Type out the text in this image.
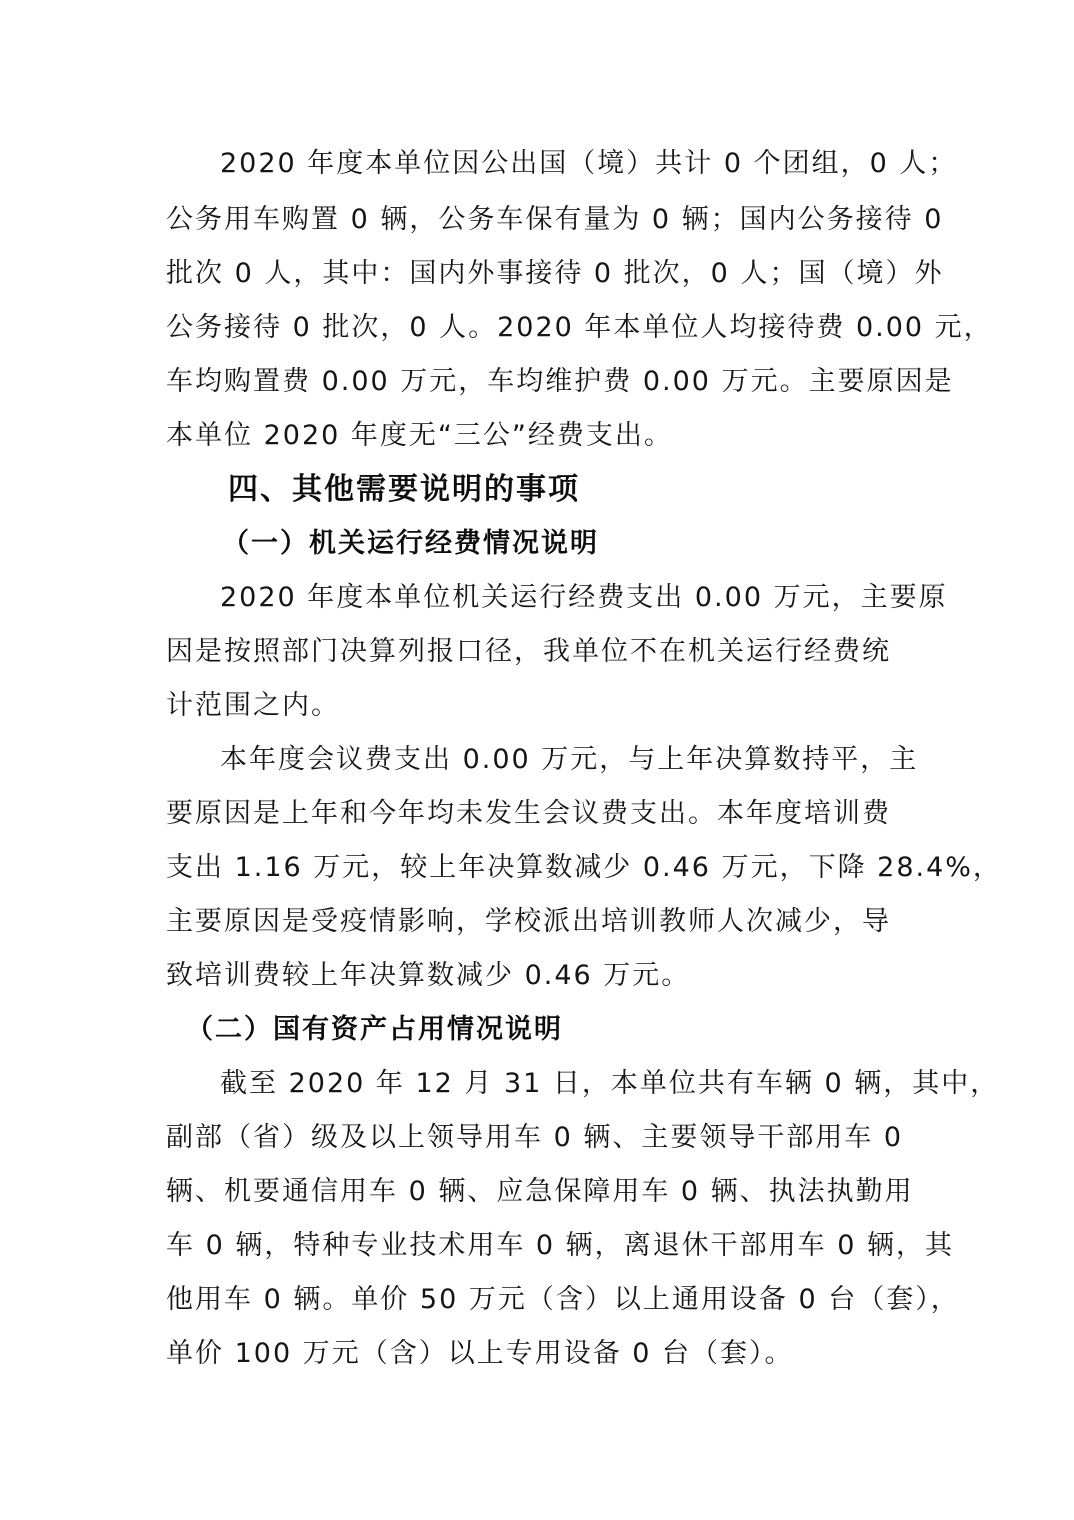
2020 年度本单位因公出国（境）共计 0 个团组，0 人；
公务用车购置 0 辆，公务车保有量为 0 辆；国内公务接待 0
批次 0 人，其中：国内外事接待 0 批次，0 人；国（境）外
公务接待 0 批次，0 人。2020 年本单位人均接待费 0.00 元，
车均购置费 0.00 万元，车均维护费 0.00 万元。主要原因是
本单位 2020 年度无“三公”经费支出。
四、其他需要说明的事项
（一）机关运行经费情况说明
2020 年度本单位机关运行经费支出 0.00 万元，主要原
因是按照部门决算列报口径，我单位不在机关运行经费统
计范围之内。
本年度会议费支出 0.00 万元，与上年决算数持平，主
要原因是上年和今年均未发生会议费支出。本年度培训费
支出 1.16 万元，较上年决算数减少 0.46 万元，下降 28.4%，
主要原因是受疫情影响，学校派出培训教师人次减少，导
致培训费较上年决算数减少 0.46 万元。
（二）国有资产占用情况说明
截至 2020 年 12 月 31 日，本单位共有车辆 0 辆，其中，
副部（省）级及以上领导用车 0 辆、主要领导干部用车 0
辆、机要通信用车 0 辆、应急保障用车 0 辆、执法执勤用
车 0 辆，特种专业技术用车 0 辆，离退休干部用车 0 辆，其
他用车 0 辆。单价 50 万元（含）以上通用设备 0 台（套），
单价 100 万元（含）以上专用设备 0 台（套）。
